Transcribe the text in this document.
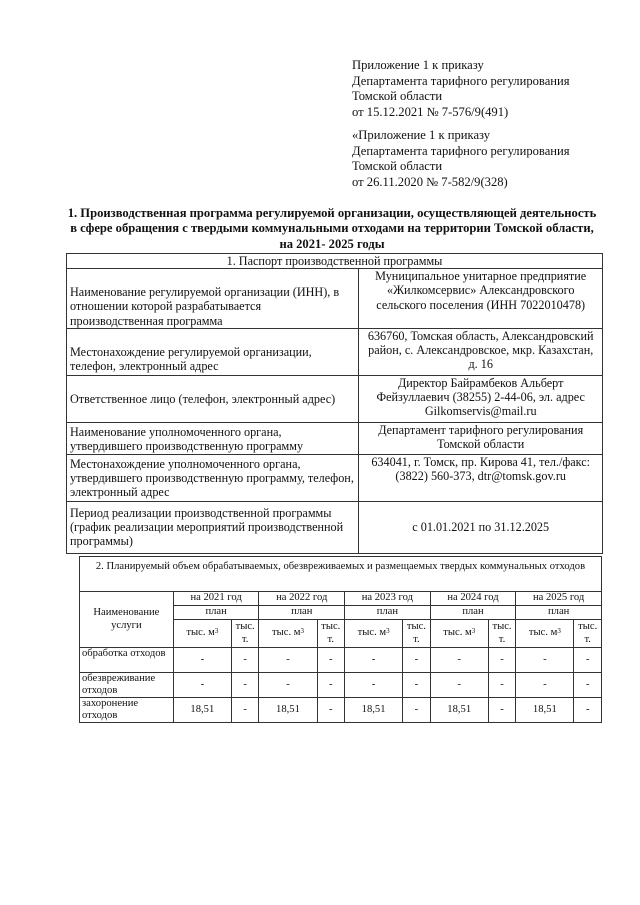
Приложение 1 к приказу
Департамента тарифного регулирования
Томской области
от 15.12.2021 № 7-576/9(491)
«Приложение 1 к приказу
Департамента тарифного регулирования
Томской области
от 26.11.2020 № 7-582/9(328)
1. Производственная программа регулируемой организации, осуществляющей деятельность в сфере обращения с твердыми коммунальными отходами на территории Томской области, на 2021- 2025 годы
1. Паспорт производственной программы	
Наименование регулируемой организации (ИНН), в отношении которой разрабатывается производственная программа	Муниципальное унитарное предприятие «Жилкомсервис» Александровского сельского поселения (ИНН 7022010478)
Местонахождение регулируемой организации, телефон, электронный адрес	636760, Томская область, Александровский район, с. Александровское, мкр. Казахстан, д. 16
Ответственное лицо (телефон, электронный адрес)	Директор Байрамбеков Альберт Фейзуллаевич (38255) 2-44-06, эл. адрес Gilkomservis@mail.ru
Наименование уполномоченного органа, утвердившего производственную программу	Департамент тарифного регулирования Томской области
Местонахождение уполномоченного органа, утвердившего производственную программу, телефон, электронный адрес	634041, г. Томск, пр. Кирова 41, тел./факс: (3822) 560-373, dtr@tomsk.gov.ru
Период реализации производственной программы (график реализации мероприятий производственной программы)	с 01.01.2021 по 31.12.2025
2. Планируемый объем обрабатываемых, обезвреживаемых и размещаемых твердых коммунальных отходов										
Наименование услуги	на 2021 год		на 2022 год		на 2023 год		на 2024 год		на 2025 год	
	план		план		план		план		план	
	тыс. $м^3$	тыс. т.	тыс. $м^3$	тыс. т.	тыс. $м^3$	тыс. т.	тыс. $м^3$	тыс. т.	тыс. $м^3$	тыс. т.
обработка отходов	-	-	-	-	-	-	-	-	-	-
обезвреживание отходов	-	-	-	-	-	-	-	-	-	-
захоронение отходов	18,51	-	18,51	-	18,51	-	18,51	-	18,51	-
